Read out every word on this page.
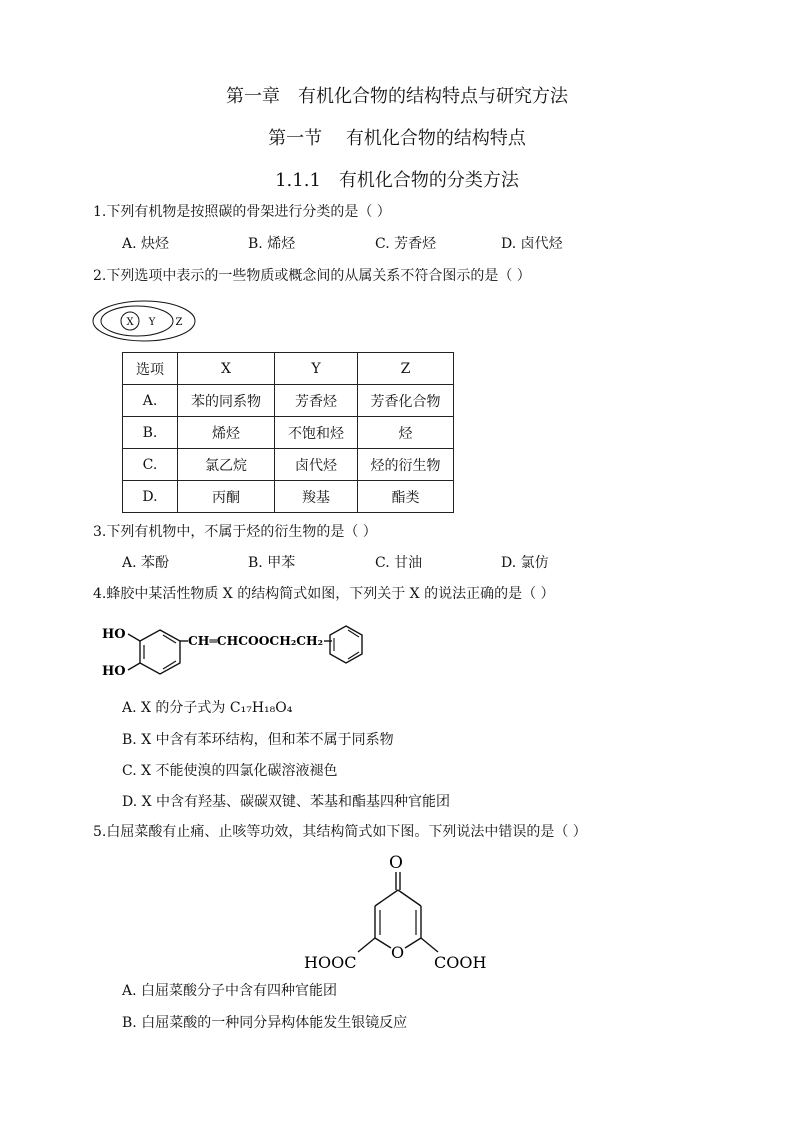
第一章　有机化合物的结构特点与研究方法
第一节　 有机化合物的结构特点
1.1.1　有机化合物的分类方法
1.下列有机物是按照碳的骨架进行分类的是（ ）
A. 炔烃	B. 烯烃	C. 芳香烃	D. 卤代烃
2.下列选项中表示的一些物质或概念间的从属关系不符合图示的是（ ）
X Y Z
选项	X	Y	Z
A.	苯的同系物	芳香烃	芳香化合物
B.	烯烃	不饱和烃	烃
C.	氯乙烷	卤代烃	烃的衍生物
D.	丙酮	羧基	酯类
3.下列有机物中，不属于烃的衍生物的是（ ）
A. 苯酚	B. 甲苯	C. 甘油	D. 氯仿
4.蜂胶中某活性物质 X 的结构简式如图，下列关于 X 的说法正确的是（ ）
HO
HO
CH═CHCOOCH₂CH₂
A. X 的分子式为 C₁₇H₁₈O₄
B. X 中含有苯环结构，但和苯不属于同系物
C. X 不能使溴的四氯化碳溶液褪色
D. X 中含有羟基、碳碳双键、苯基和酯基四种官能团
5.白屈菜酸有止痛、止咳等功效，其结构简式如下图。下列说法中错误的是（ ）
O
O
HOOC	COOH
A. 白屈菜酸分子中含有四种官能团
B. 白屈菜酸的一种同分异构体能发生银镜反应
